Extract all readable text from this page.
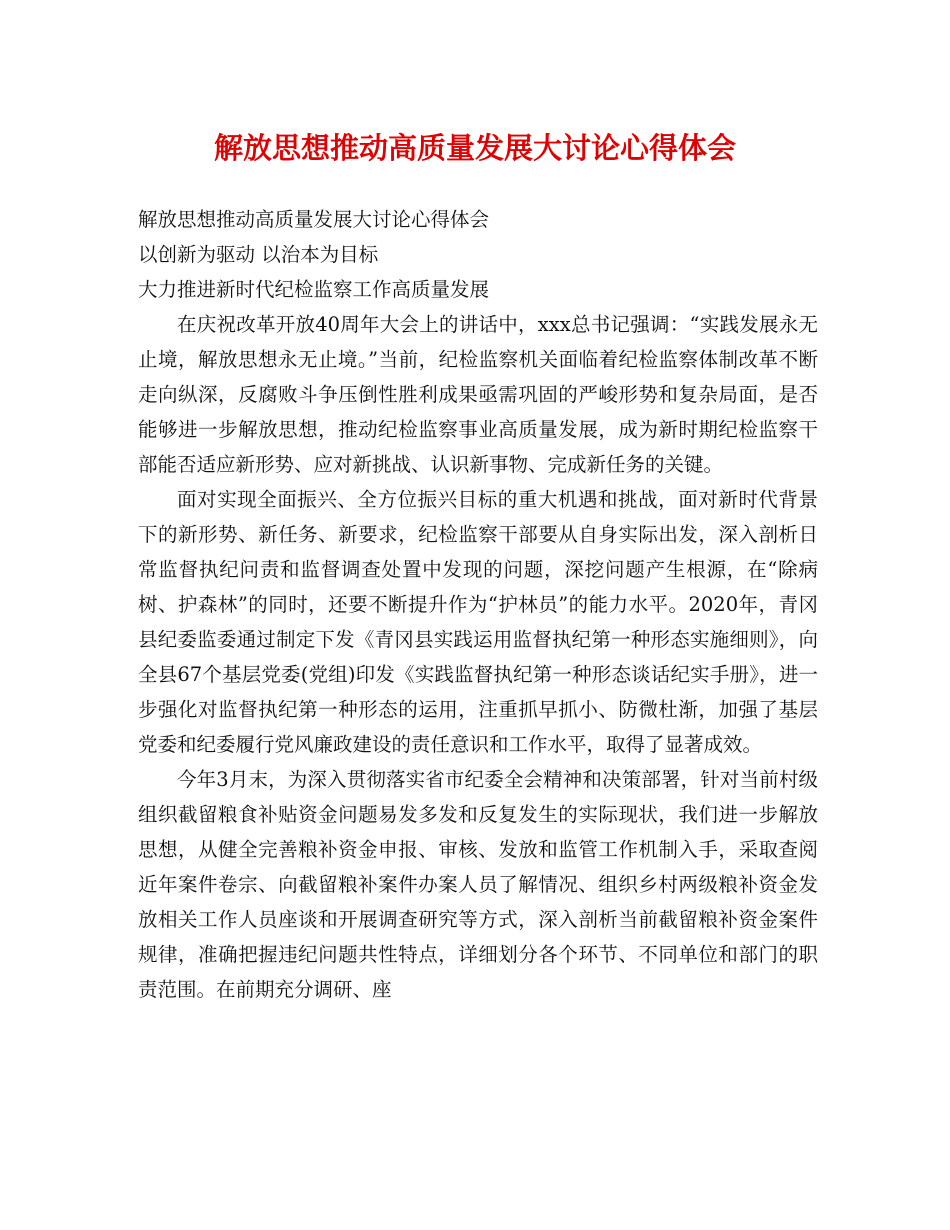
解放思想推动高质量发展大讨论心得体会

解放思想推动高质量发展大讨论心得体会

以创新为驱动 以治本为目标

大力推进新时代纪检监察工作高质量发展

在庆祝改革开放40周年大会上的讲话中，xxx总书记强调：“实践发展永无止境，解放思想永无止境。”当前，纪检监察机关面临着纪检监察体制改革不断走向纵深，反腐败斗争压倒性胜利成果亟需巩固的严峻形势和复杂局面，是否能够进一步解放思想，推动纪检监察事业高质量发展，成为新时期纪检监察干部能否适应新形势、应对新挑战、认识新事物、完成新任务的关键。

面对实现全面振兴、全方位振兴目标的重大机遇和挑战，面对新时代背景下的新形势、新任务、新要求，纪检监察干部要从自身实际出发，深入剖析日常监督执纪问责和监督调查处置中发现的问题，深挖问题产生根源，在“除病树、护森林”的同时，还要不断提升作为“护林员”的能力水平。2020年，青冈县纪委监委通过制定下发《青冈县实践运用监督执纪第一种形态实施细则》，向全县67个基层党委(党组)印发《实践监督执纪第一种形态谈话纪实手册》，进一步强化对监督执纪第一种形态的运用，注重抓早抓小、防微杜渐，加强了基层党委和纪委履行党风廉政建设的责任意识和工作水平，取得了显著成效。

今年3月末，为深入贯彻落实省市纪委全会精神和决策部署，针对当前村级组织截留粮食补贴资金问题易发多发和反复发生的实际现状，我们进一步解放思想，从健全完善粮补资金申报、审核、发放和监管工作机制入手，采取查阅近年案件卷宗、向截留粮补案件办案人员了解情况、组织乡村两级粮补资金发放相关工作人员座谈和开展调查研究等方式，深入剖析当前截留粮补资金案件规律，准确把握违纪问题共性特点，详细划分各个环节、不同单位和部门的职责范围。在前期充分调研、座
